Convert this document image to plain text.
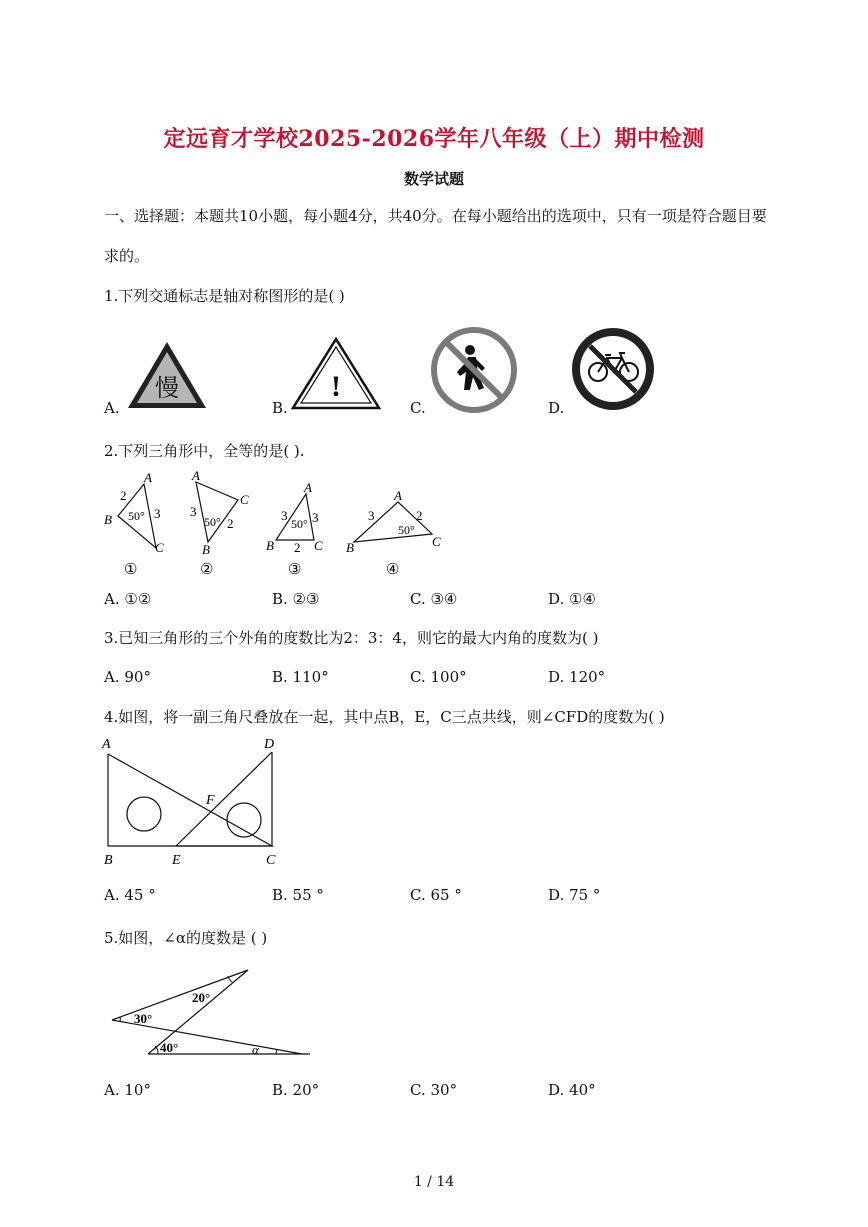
定远育才学校2025-2026学年八年级（上）期中检测
数学试题
一、选择题：本题共10小题，每小题4分，共40分。在每小题给出的选项中，只有一项是符合题目要求的。
1.下列交通标志是轴对称图形的是( )
A.
慢
B.
!
C.	D.
2.下列三角形中，全等的是( ).
A
B
C
2
3
50°
①
A
B
C
3
2
50°
②
A
B	C
3 3
2
50°
③
A
B	C
3	2
50°
④
A. ①②	B. ②③	C. ③④	D. ①④
3.已知三角形的三个外角的度数比为2：3：4，则它的最大内角的度数为( )
A. 90°	B. 110°	C. 100°	D. 120°
4.如图，将一副三角尺叠放在一起，其中点B，E，C三点共线，则∠CFD的度数为( )
A	D
F
B	E	C
A. 45 °	B. 55 °	C. 65 °	D. 75 °
5.如图，∠α的度数是 ( )
20°
30°
40°	α
A. 10°	B. 20°	C. 30°	D. 40°
1 / 14
